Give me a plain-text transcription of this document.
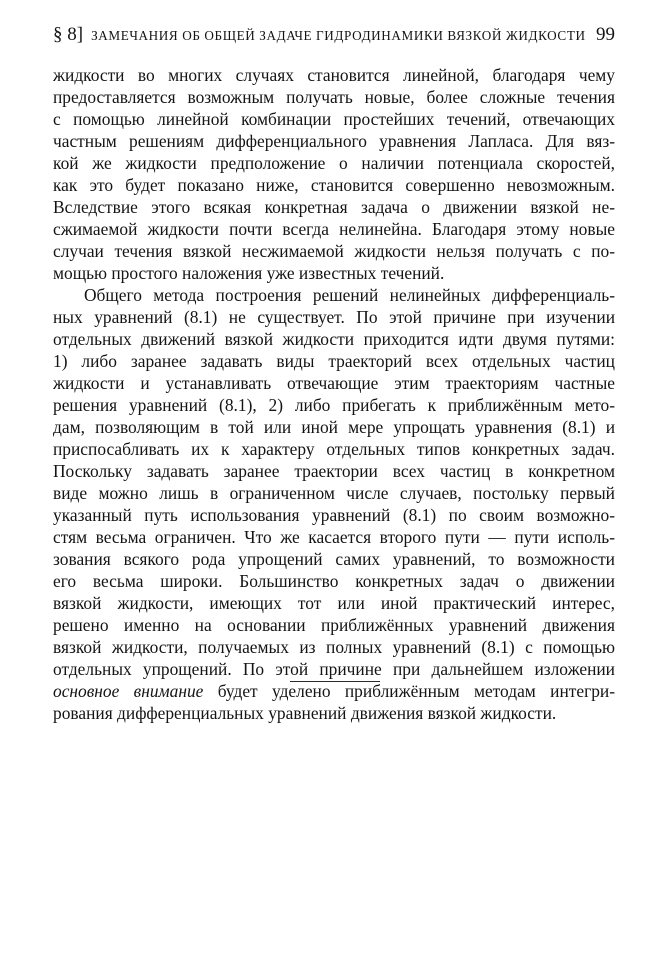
§ 8] ЗАМЕЧАНИЯ ОБ ОБЩЕЙ ЗАДАЧЕ ГИДРОДИНАМИКИ ВЯЗКОЙ ЖИДКОСТИ 99
жидкости во многих случаях становится линейной, благодаря чему
предоставляется возможным получать новые, более сложные течения
с помощью линейной комбинации простейших течений, отвечающих
частным решениям дифференциального уравнения Лапласа. Для вяз-
кой же жидкости предположение о наличии потенциала скоростей,
как это будет показано ниже, становится совершенно невозможным.
Вследствие этого всякая конкретная задача о движении вязкой не-
сжимаемой жидкости почти всегда нелинейна. Благодаря этому новые
случаи течения вязкой несжимаемой жидкости нельзя получать с по-
мощью простого наложения уже известных течений.
Общего метода построения решений нелинейных дифференциаль-
ных уравнений (8.1) не существует. По этой причине при изучении
отдельных движений вязкой жидкости приходится идти двумя путями:
1) либо заранее задавать виды траекторий всех отдельных частиц
жидкости и устанавливать отвечающие этим траекториям частные
решения уравнений (8.1), 2) либо прибегать к приближённым мето-
дам, позволяющим в той или иной мере упрощать уравнения (8.1) и
приспосабливать их к характеру отдельных типов конкретных задач.
Поскольку задавать заранее траектории всех частиц в конкретном
виде можно лишь в ограниченном числе случаев, постольку первый
указанный путь использования уравнений (8.1) по своим возможно-
стям весьма ограничен. Что же касается второго пути — пути исполь-
зования всякого рода упрощений самих уравнений, то возможности
его весьма широки. Большинство конкретных задач о движении
вязкой жидкости, имеющих тот или иной практический интерес,
решено именно на основании приближённых уравнений движения
вязкой жидкости, получаемых из полных уравнений (8.1) с помощью
отдельных упрощений. По этой причине при дальнейшем изложении
основное внимание будет уделено приближённым методам интегри-
рования дифференциальных уравнений движения вязкой жидкости.
